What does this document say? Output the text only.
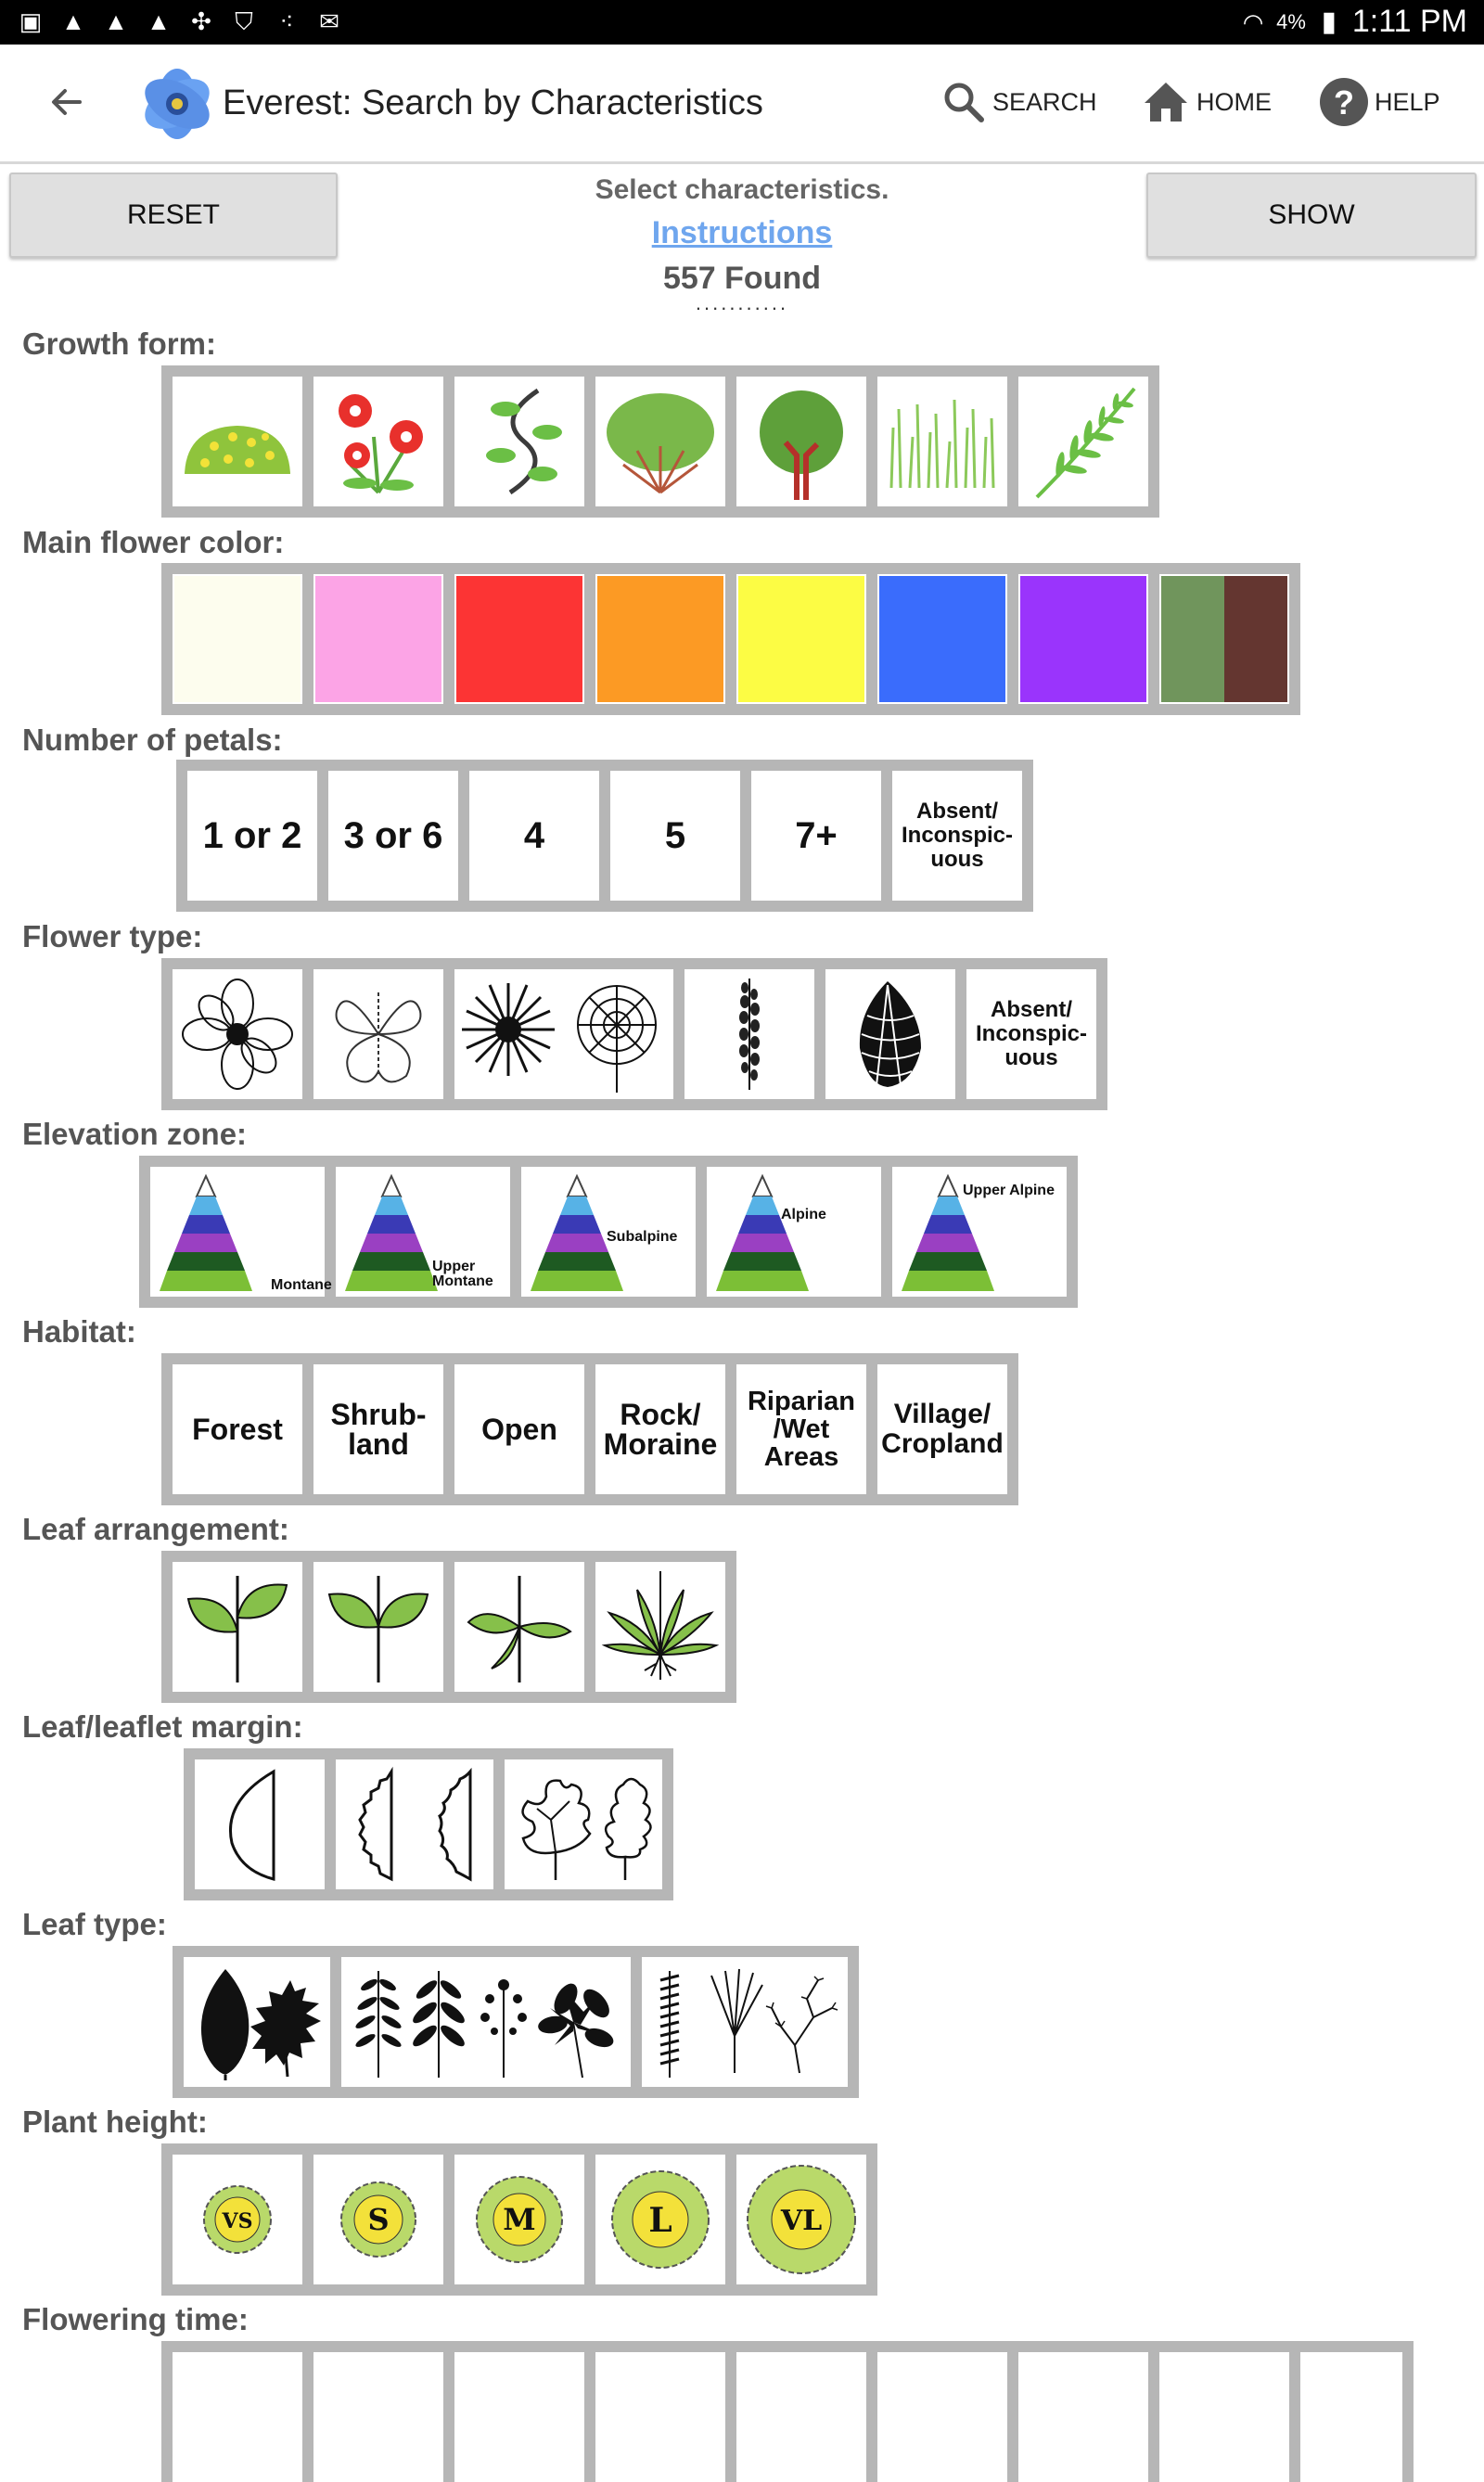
▣ ▲ ▲ ▲ ✣ ⛉ ⁖ ✉	◠ 4% ▮ 1:11 PM
Everest: Search by Characteristics	SEARCH	HOME ? HELP
RESET
Select characteristics.
Instructions
557 Found
...........
SHOW
Growth form:
Main flower color:
Number of petals:
1 or 2 3 or 6 4	5	7+
Absent/
Inconspic-
uous
Flower type:
Absent/
Inconspic-
uous
Elevation zone:
Montane
Upper
Montane
Subalpine
Alpine
Upper Alpine
Habitat:
Forest Shrub-
land	Open	Rock/
Moraine
Riparian
/Wet
Areas
Village/
Cropland
Leaf arrangement:
Leaf/leaflet margin:
Leaf type:
Plant height:
VS	S	M	L	VL
Flowering time:
